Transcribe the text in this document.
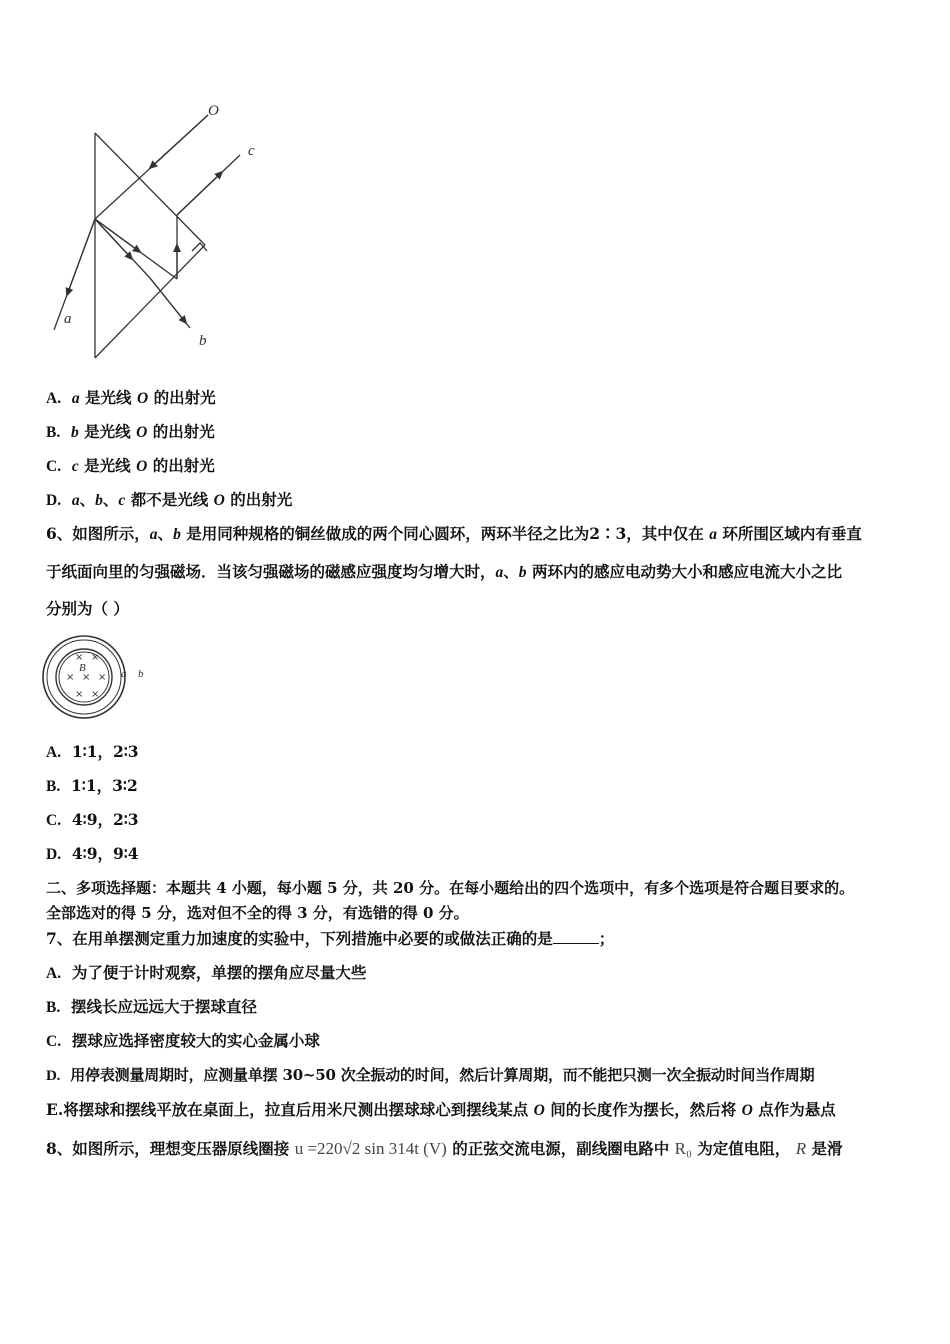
O
c
a
b
A. a 是光线 O 的出射光
B. b 是光线 O 的出射光
C. c 是光线 O 的出射光
D. a、b、c 都不是光线 O 的出射光
6、如图所示，a、b 是用同种规格的铜丝做成的两个同心圆环，两环半径之比为2∶3，其中仅在 a 环所围区域内有垂直
于纸面向里的匀强磁场．当该匀强磁场的磁感应强度均匀增大时，a、b 两环内的感应电动势大小和感应电流大小之比
分别为（ ）
× ×
× × ×
× ×
B	a b
A. 1∶1，2∶3
B. 1∶1，3∶2
C. 4∶9，2∶3
D. 4∶9，9∶4
二、多项选择题：本题共 4 小题，每小题 5 分，共 20 分。在每小题给出的四个选项中，有多个选项是符合题目要求的。
全部选对的得 5 分，选对但不全的得 3 分，有选错的得 0 分。
7、在用单摆测定重力加速度的实验中，下列措施中必要的或做法正确的是	；
A. 为了便于计时观察，单摆的摆角应尽量大些
B. 摆线长应远远大于摆球直径
C. 摆球应选择密度较大的实心金属小球
D. 用停表测量周期时，应测量单摆 30~50 次全振动的时间，然后计算周期，而不能把只测一次全振动时间当作周期
E.将摆球和摆线平放在桌面上，拉直后用米尺测出摆球球心到摆线某点 O 间的长度作为摆长，然后将 O 点作为悬点
8、如图所示，理想变压器原线圈接 u =220√2 sin 314t (V) 的正弦交流电源，副线圈电路中 R₀ 为定值电阻， R 是滑
